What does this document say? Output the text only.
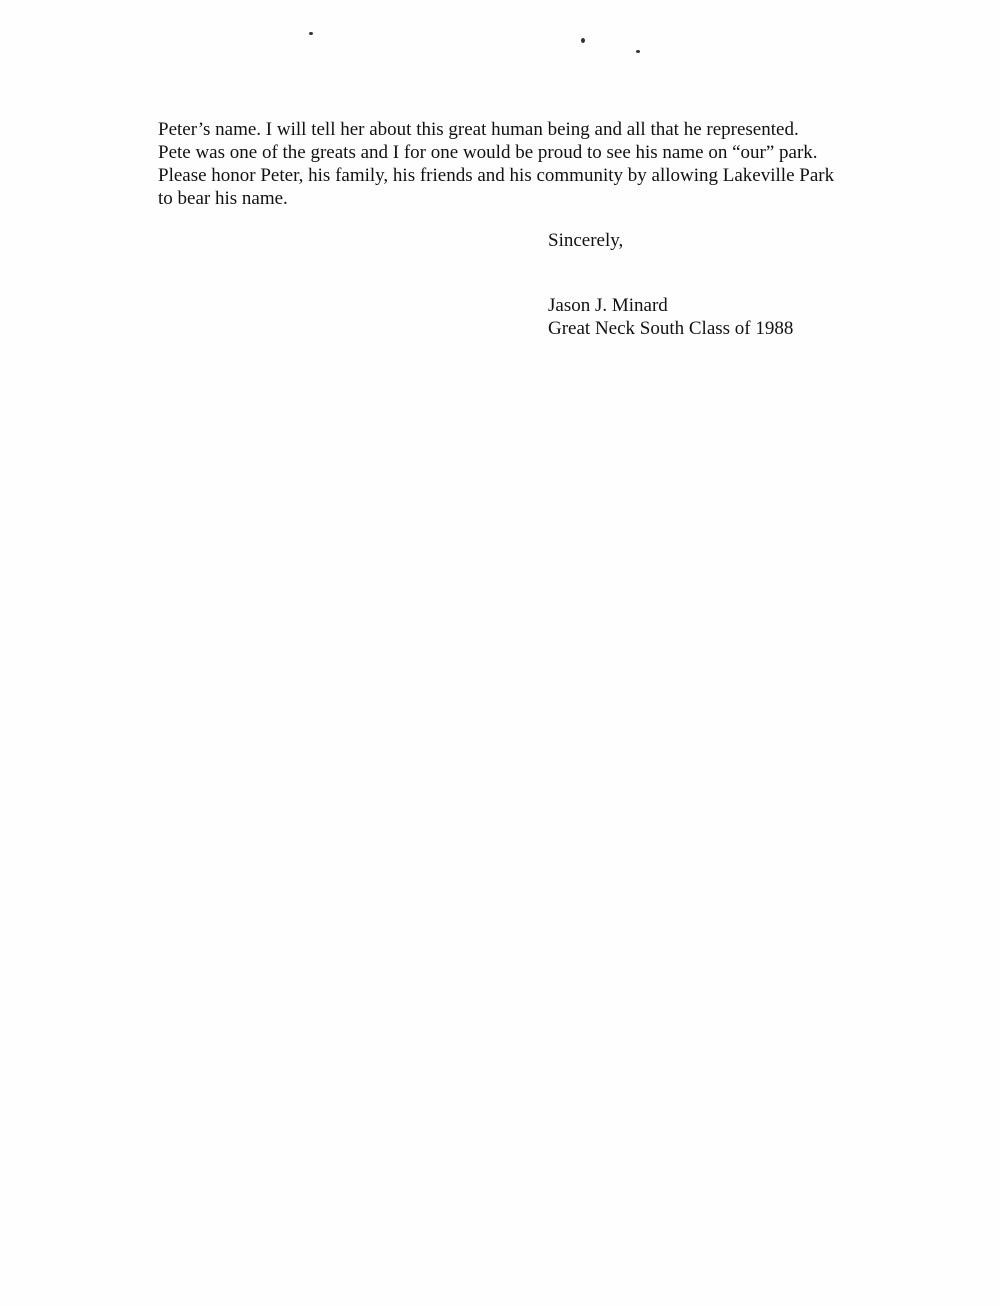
Peter’s name. I will tell her about this great human being and all that he represented.
Pete was one of the greats and I for one would be proud to see his name on “our” park.
Please honor Peter, his family, his friends and his community by allowing Lakeville Park
to bear his name.
Sincerely,
Jason J. Minard
Great Neck South Class of 1988
